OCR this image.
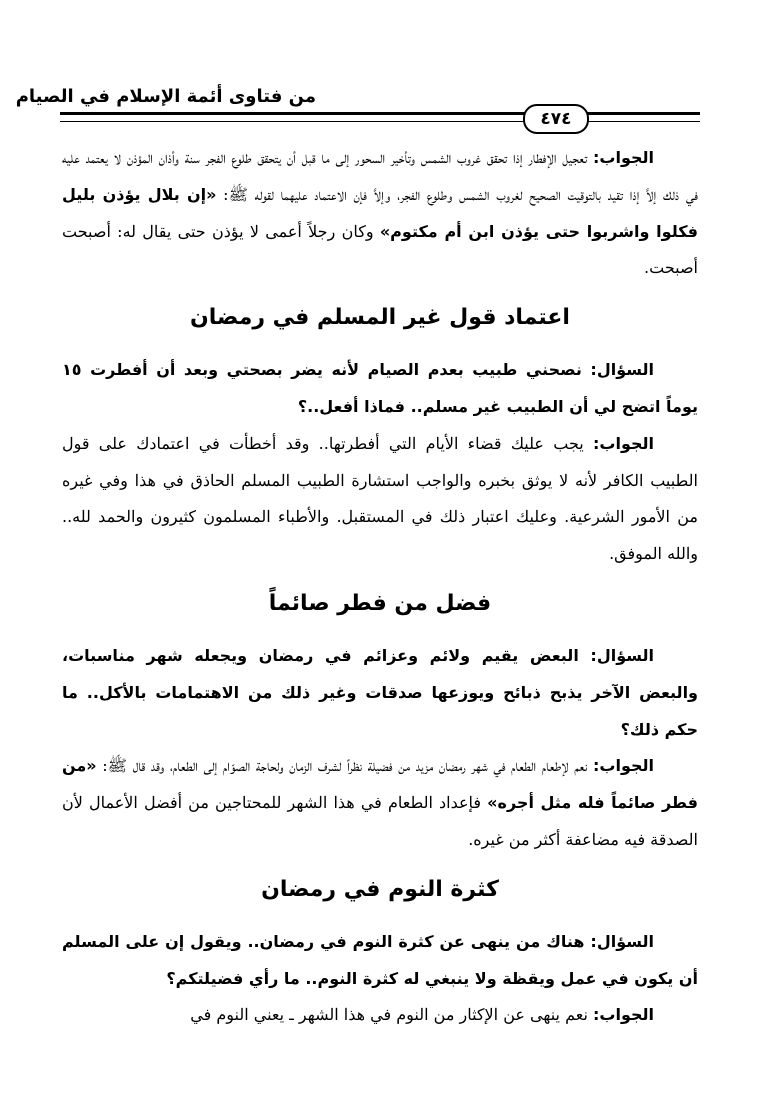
من فتاوى أئمة الإسلام في الصيام
٤٧٤

الجواب: تعجيل الإفطار إذا تحقق غروب الشمس وتأخير السحور إلى ما قبل أن يتحقق طلوع الفجر سنة وأذان المؤذن لا يعتمد عليه في ذلك إلاَّ إذا تقيد بالتوقيت الصحيح لغروب الشمس وطلوع الفجر، وإلاَّ فإن الاعتماد عليهما لقوله ﷺ: «إن بلال يؤذن بليل فكلوا واشربوا حتى يؤذن ابن أم مكتوم» وكان رجلاً أعمى لا يؤذن حتى يقال له: أصبحت أصبحت.

اعتماد قول غير المسلم في رمضان

السؤال: نصحني طبيب بعدم الصيام لأنه يضر بصحتي وبعد أن أفطرت ١٥ يوماً اتضح لي أن الطبيب غير مسلم.. فماذا أفعل..؟

الجواب: يجب عليك قضاء الأيام التي أفطرتها.. وقد أخطأت في اعتمادك على قول الطبيب الكافر لأنه لا يوثق بخبره والواجب استشارة الطبيب المسلم الحاذق في هذا وفي غيره من الأمور الشرعية. وعليك اعتبار ذلك في المستقبل. والأطباء المسلمون كثيرون والحمد لله.. والله الموفق.

فضل من فطر صائماً

السؤال: البعض يقيم ولائم وعزائم في رمضان ويجعله شهر مناسبات، والبعض الآخر يذبح ذبائح ويوزعها صدقات وغير ذلك من الاهتمامات بالأكل.. ما حكم ذلك؟

الجواب: نعم لإطعام الطعام في شهر رمضان مزيد من فضيلة نظراً لشرف الزمان ولحاجة الصوّام إلى الطعام، وقد قال ﷺ: «من فطر صائماً فله مثل أجره» فإعداد الطعام في هذا الشهر للمحتاجين من أفضل الأعمال لأن الصدقة فيه مضاعفة أكثر من غيره.

كثرة النوم في رمضان

السؤال: هناك من ينهى عن كثرة النوم في رمضان.. ويقول إن على المسلم أن يكون في عمل ويقظة ولا ينبغي له كثرة النوم.. ما رأي فضيلتكم؟

الجواب: نعم ينهى عن الإكثار من النوم في هذا الشهر ـ يعني النوم في
